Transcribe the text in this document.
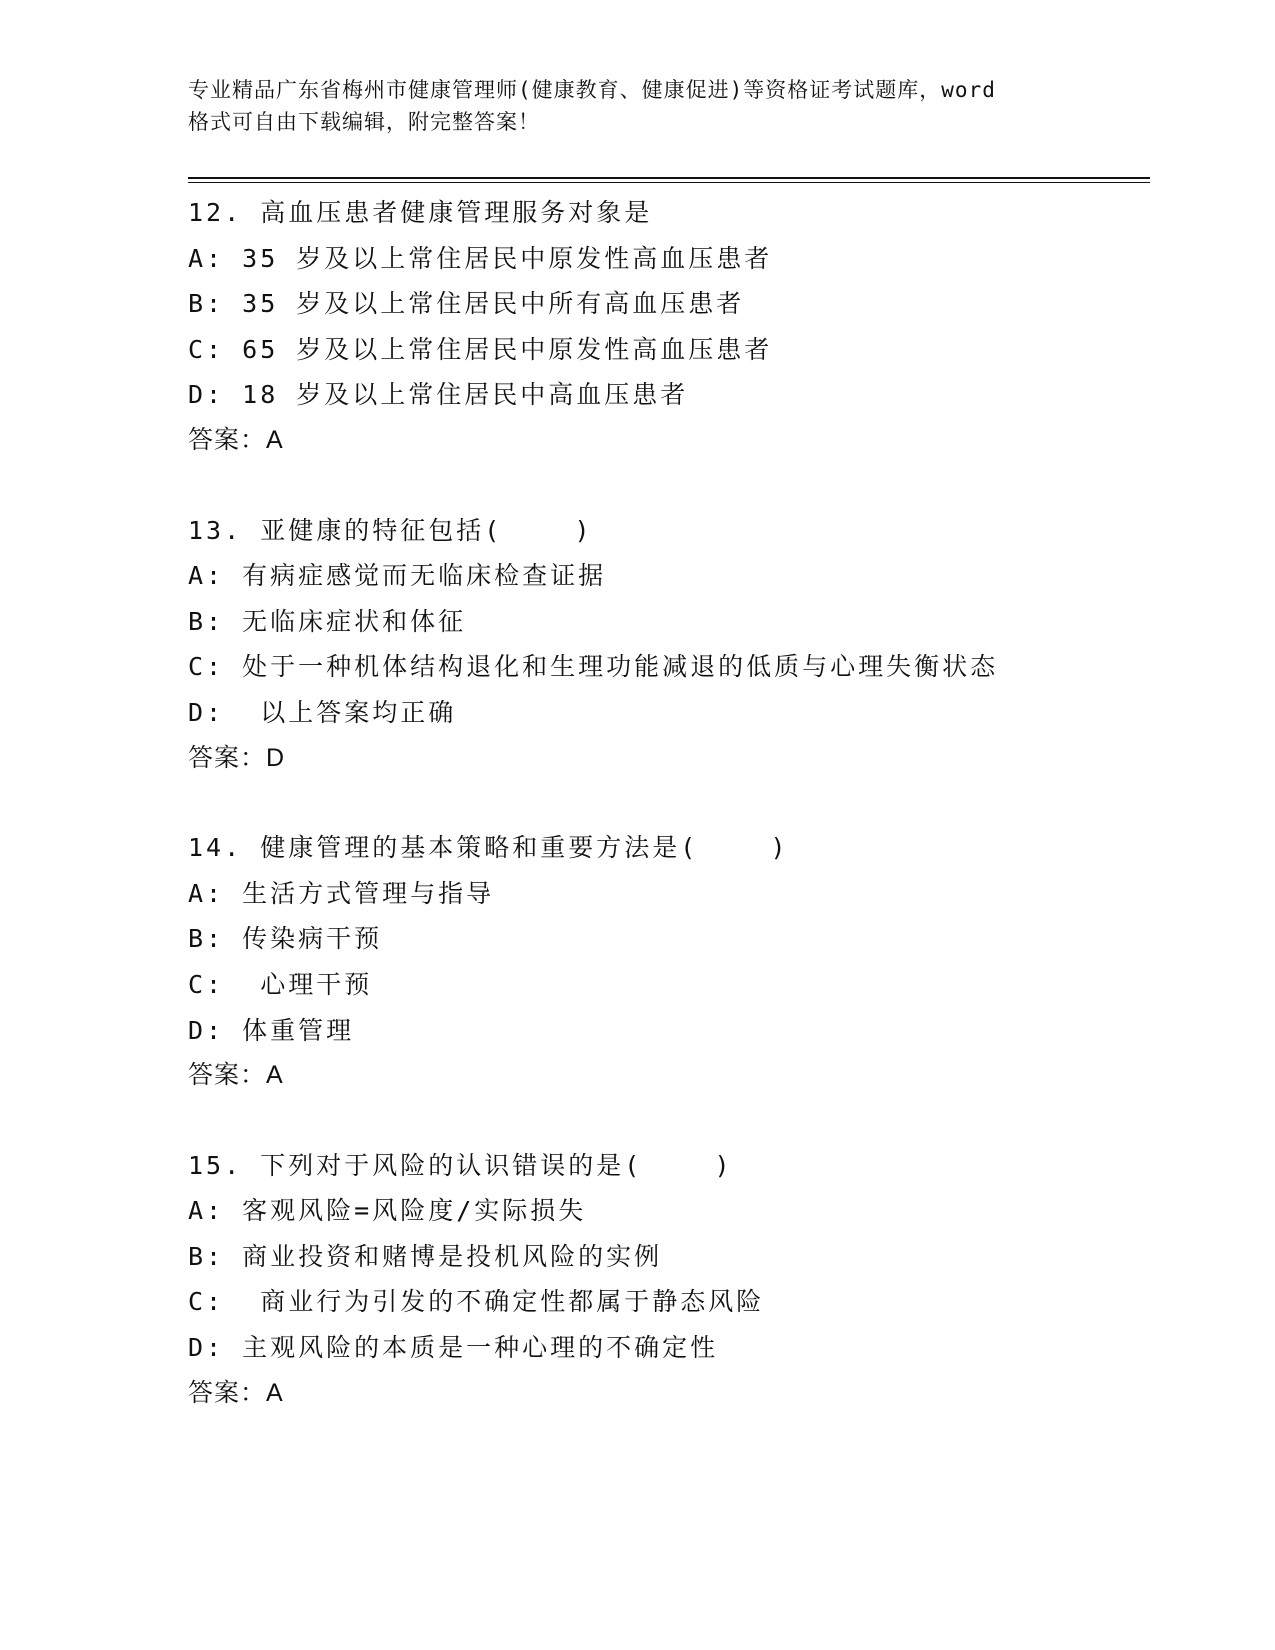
专业精品广东省梅州市健康管理师(健康教育、健康促进)等资格证考试题库，word
格式可自由下载编辑，附完整答案！
12. 高血压患者健康管理服务对象是
A: 35 岁及以上常住居民中原发性高血压患者
B: 35 岁及以上常住居民中所有高血压患者
C: 65 岁及以上常住居民中原发性高血压患者
D: 18 岁及以上常住居民中高血压患者
答案：A
13. 亚健康的特征包括(    )
A: 有病症感觉而无临床检查证据
B: 无临床症状和体征
C: 处于一种机体结构退化和生理功能减退的低质与心理失衡状态
D:  以上答案均正确
答案：D
14. 健康管理的基本策略和重要方法是(    )
A: 生活方式管理与指导
B: 传染病干预
C:  心理干预
D: 体重管理
答案：A
15. 下列对于风险的认识错误的是(    )
A: 客观风险=风险度/实际损失
B: 商业投资和赌博是投机风险的实例
C:  商业行为引发的不确定性都属于静态风险
D: 主观风险的本质是一种心理的不确定性
答案：A
